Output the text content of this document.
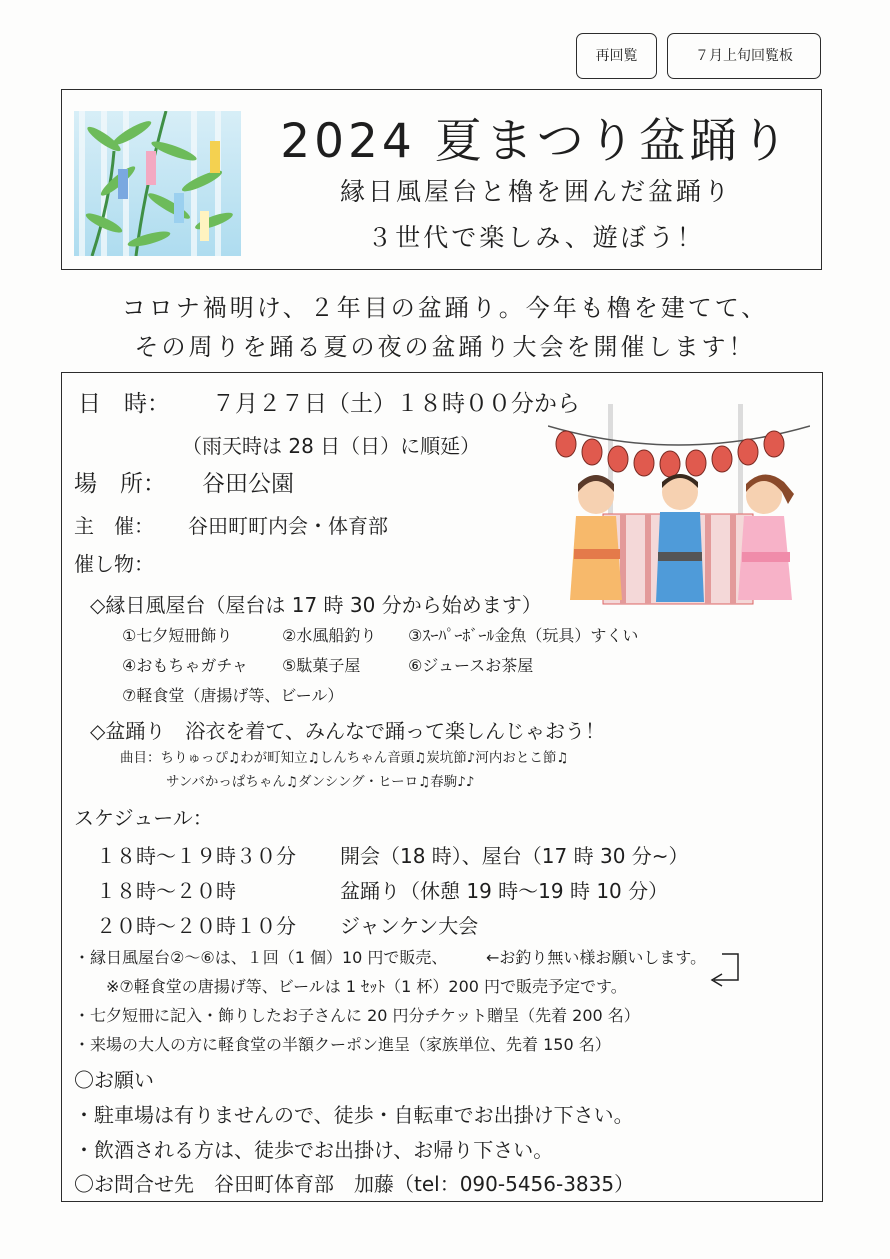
再回覧	７月上旬回覧板
2024 夏まつり盆踊り
縁日風屋台と櫓を囲んだ盆踊り
３世代で楽しみ、遊ぼう！
コロナ禍明け、２年目の盆踊り。今年も櫓を建てて、
その周りを踊る夏の夜の盆踊り大会を開催します！
日　時： ７月２７日（土）１８時００分から
（雨天時は 28 日（日）に順延）
場　所： 谷田公園
主　催： 谷田町町内会・体育部
催し物：
◇縁日風屋台（屋台は 17 時 30 分から始めます）
①七夕短冊飾り	②水風船釣り ③ｽｰﾊﾟｰﾎﾞｰﾙ金魚（玩具）すくい
④おもちゃガチャ ⑤駄菓子屋	⑥ジュースお茶屋
⑦軽食堂（唐揚げ等、ビール）
◇盆踊り　浴衣を着て、みんなで踊って楽しんじゃおう！
曲目：ちりゅっぴ♫わが町知立♫しんちゃん音頭♫炭坑節♪河内おとこ節♫
サンバかっぱちゃん♫ダンシング・ヒーロ♫春駒♪♪
スケジュール：
１８時～１９時３０分 開会（18 時）、屋台（17 時 30 分~）
１８時～２０時	盆踊り（休憩 19 時～19 時 10 分）
２０時～２０時１０分 ジャンケン大会
・縁日風屋台②～⑥は、１回（1 個）10 円で販売、 ←お釣り無い様お願いします。
※⑦軽食堂の唐揚げ等、ビールは 1 ｾｯﾄ（1 杯）200 円で販売予定です。
・七夕短冊に記入・飾りしたお子さんに 20 円分チケット贈呈（先着 200 名）
・来場の大人の方に軽食堂の半額クーポン進呈（家族単位、先着 150 名）
〇お願い
・駐車場は有りませんので、徒歩・自転車でお出掛け下さい。
・飲酒される方は、徒歩でお出掛け、お帰り下さい。
〇お問合せ先　谷田町体育部　加藤（tel：090-5456-3835）
